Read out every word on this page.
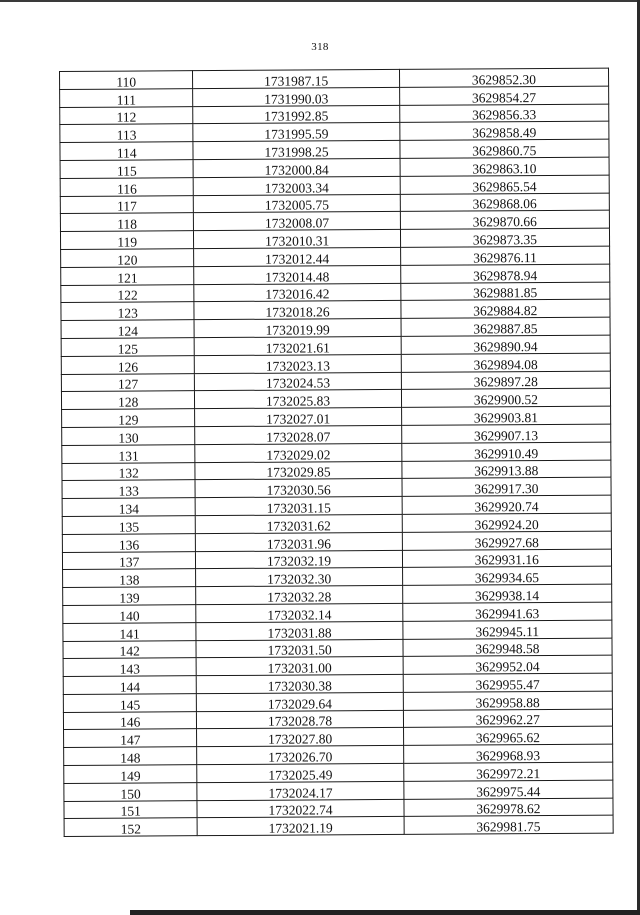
318
110	1731987.15	3629852.30
111	1731990.03	3629854.27
112	1731992.85	3629856.33
113	1731995.59	3629858.49
114	1731998.25	3629860.75
115	1732000.84	3629863.10
116	1732003.34	3629865.54
117	1732005.75	3629868.06
118	1732008.07	3629870.66
119	1732010.31	3629873.35
120	1732012.44	3629876.11
121	1732014.48	3629878.94
122	1732016.42	3629881.85
123	1732018.26	3629884.82
124	1732019.99	3629887.85
125	1732021.61	3629890.94
126	1732023.13	3629894.08
127	1732024.53	3629897.28
128	1732025.83	3629900.52
129	1732027.01	3629903.81
130	1732028.07	3629907.13
131	1732029.02	3629910.49
132	1732029.85	3629913.88
133	1732030.56	3629917.30
134	1732031.15	3629920.74
135	1732031.62	3629924.20
136	1732031.96	3629927.68
137	1732032.19	3629931.16
138	1732032.30	3629934.65
139	1732032.28	3629938.14
140	1732032.14	3629941.63
141	1732031.88	3629945.11
142	1732031.50	3629948.58
143	1732031.00	3629952.04
144	1732030.38	3629955.47
145	1732029.64	3629958.88
146	1732028.78	3629962.27
147	1732027.80	3629965.62
148	1732026.70	3629968.93
149	1732025.49	3629972.21
150	1732024.17	3629975.44
151	1732022.74	3629978.62
152	1732021.19	3629981.75
